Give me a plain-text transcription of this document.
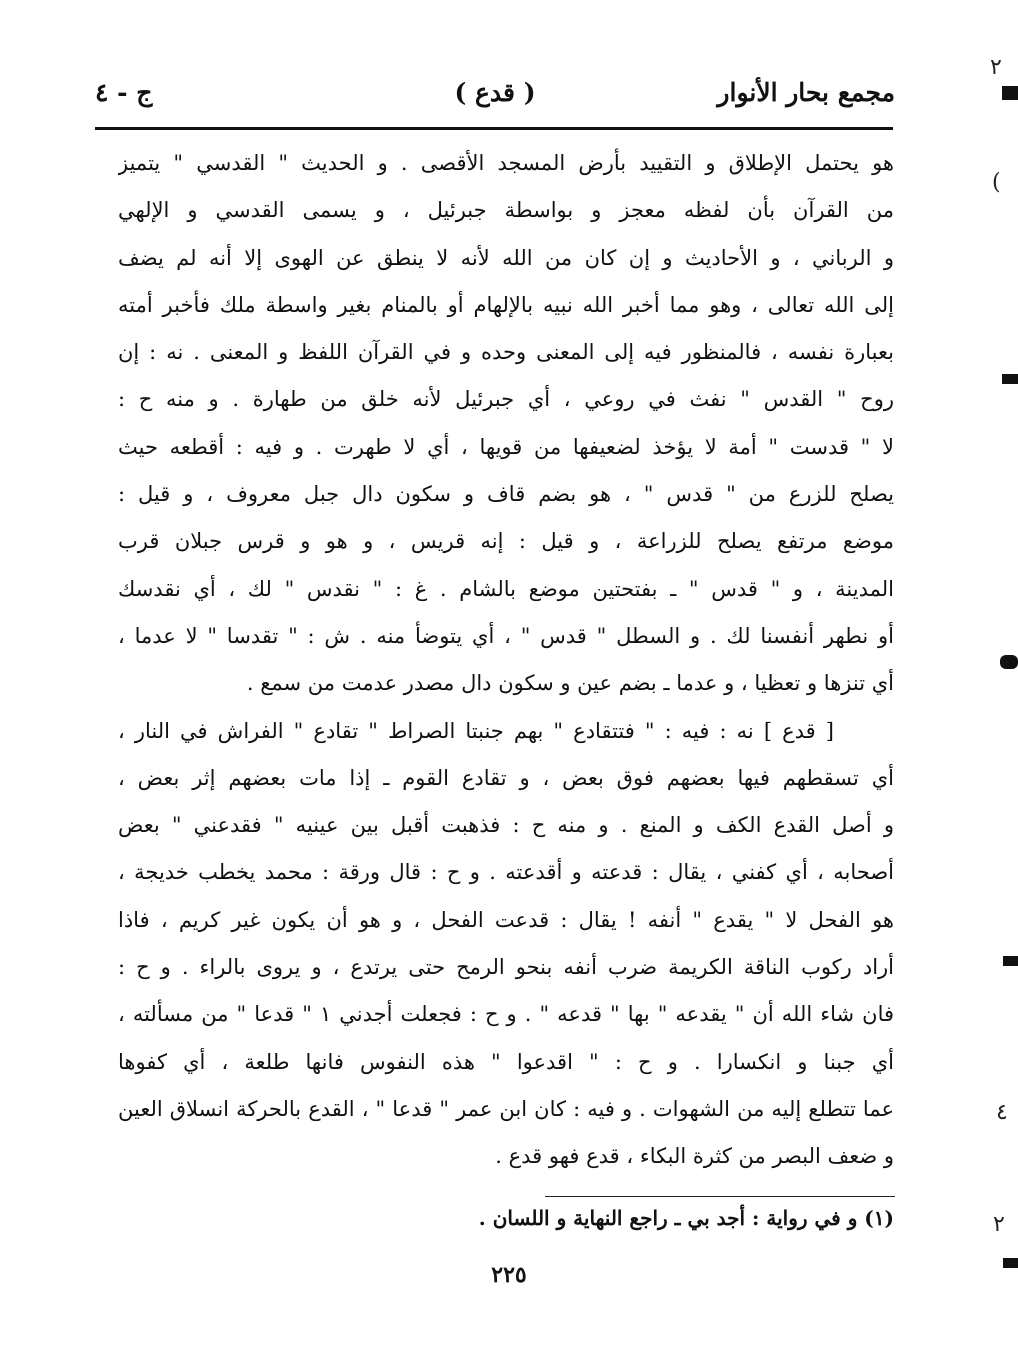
مجمع بحار الأنوار
( قدع )
ج - ٤
هو يحتمل الإطلاق و التقييد بأرض المسجد الأقصى . و الحديث " القدسي " يتميز
من القرآن بأن لفظه معجز و بواسطة جبرئيل ، و يسمى القدسي و الإلهي
و الرباني ، و الأحاديث و إن كان من الله لأنه لا ينطق عن الهوى إلا أنه لم يضف
إلى الله تعالى ، وهو مما أخبر الله نبيه بالإلهام أو بالمنام بغير واسطة ملك فأخبر أمته
بعبارة نفسه ، فالمنظور فيه إلى المعنى وحده و في القرآن اللفظ و المعنى . نه : إن
روح " القدس " نفث في روعي ، أي جبرئيل لأنه خلق من طهارة . و منه ح :
لا " قدست " أمة لا يؤخذ لضعيفها من قويها ، أي لا طهرت . و فيه : أقطعه حيث
يصلح للزرع من " قدس " ، هو بضم قاف و سكون دال جبل معروف ، و قيل :
موضع مرتفع يصلح للزراعة ، و قيل : إنه قريس ، و هو و قرس جبلان قرب
المدينة ، و " قدس " ـ بفتحتين موضع بالشام . غ : " نقدس " لك ، أي نقدسك
أو نطهر أنفسنا لك . و السطل " قدس " ، أي يتوضأ منه . ش : " تقدسا " لا عدما ،
أي تنزها و تعظيا ، و عدما ـ بضم عين و سكون دال مصدر عدمت من سمع .
[ قدع ] نه : فيه : " فتتقادع " بهم جنبتا الصراط " تقادع " الفراش في النار ،
أي تسقطهم فيها بعضهم فوق بعض ، و تقادع القوم ـ إذا مات بعضهم إثر بعض ،
و أصل القدع الكف و المنع . و منه ح : فذهبت أقبل بين عينيه " فقدعني " بعض
أصحابه ، أي كفني ، يقال : قدعته و أقدعته . و ح : قال ورقة : محمد يخطب خديجة ،
هو الفحل لا " يقدع " أنفه ! يقال : قدعت الفحل ، و هو أن يكون غير كريم ، فاذا
أراد ركوب الناقة الكريمة ضرب أنفه بنحو الرمح حتى يرتدع ، و يروى بالراء . و ح :
فان شاء الله أن " يقدعه " بها " قدعه " . و ح : فجعلت أجدني ١ " قدعا " من مسألته ،
أي جبنا و انكسارا . و ح : " اقدعوا " هذه النفوس فانها طلعة ، أي كفوها
عما تتطلع إليه من الشهوات . و فيه : كان ابن عمر " قدعا " ، القدع بالحركة انسلاق العين
و ضعف البصر من كثرة البكاء ، قدع فهو قدع .
(١) و في رواية : أجد بي ـ راجع النهاية و اللسان .
٢٢٥
٢
(
٤
٢
